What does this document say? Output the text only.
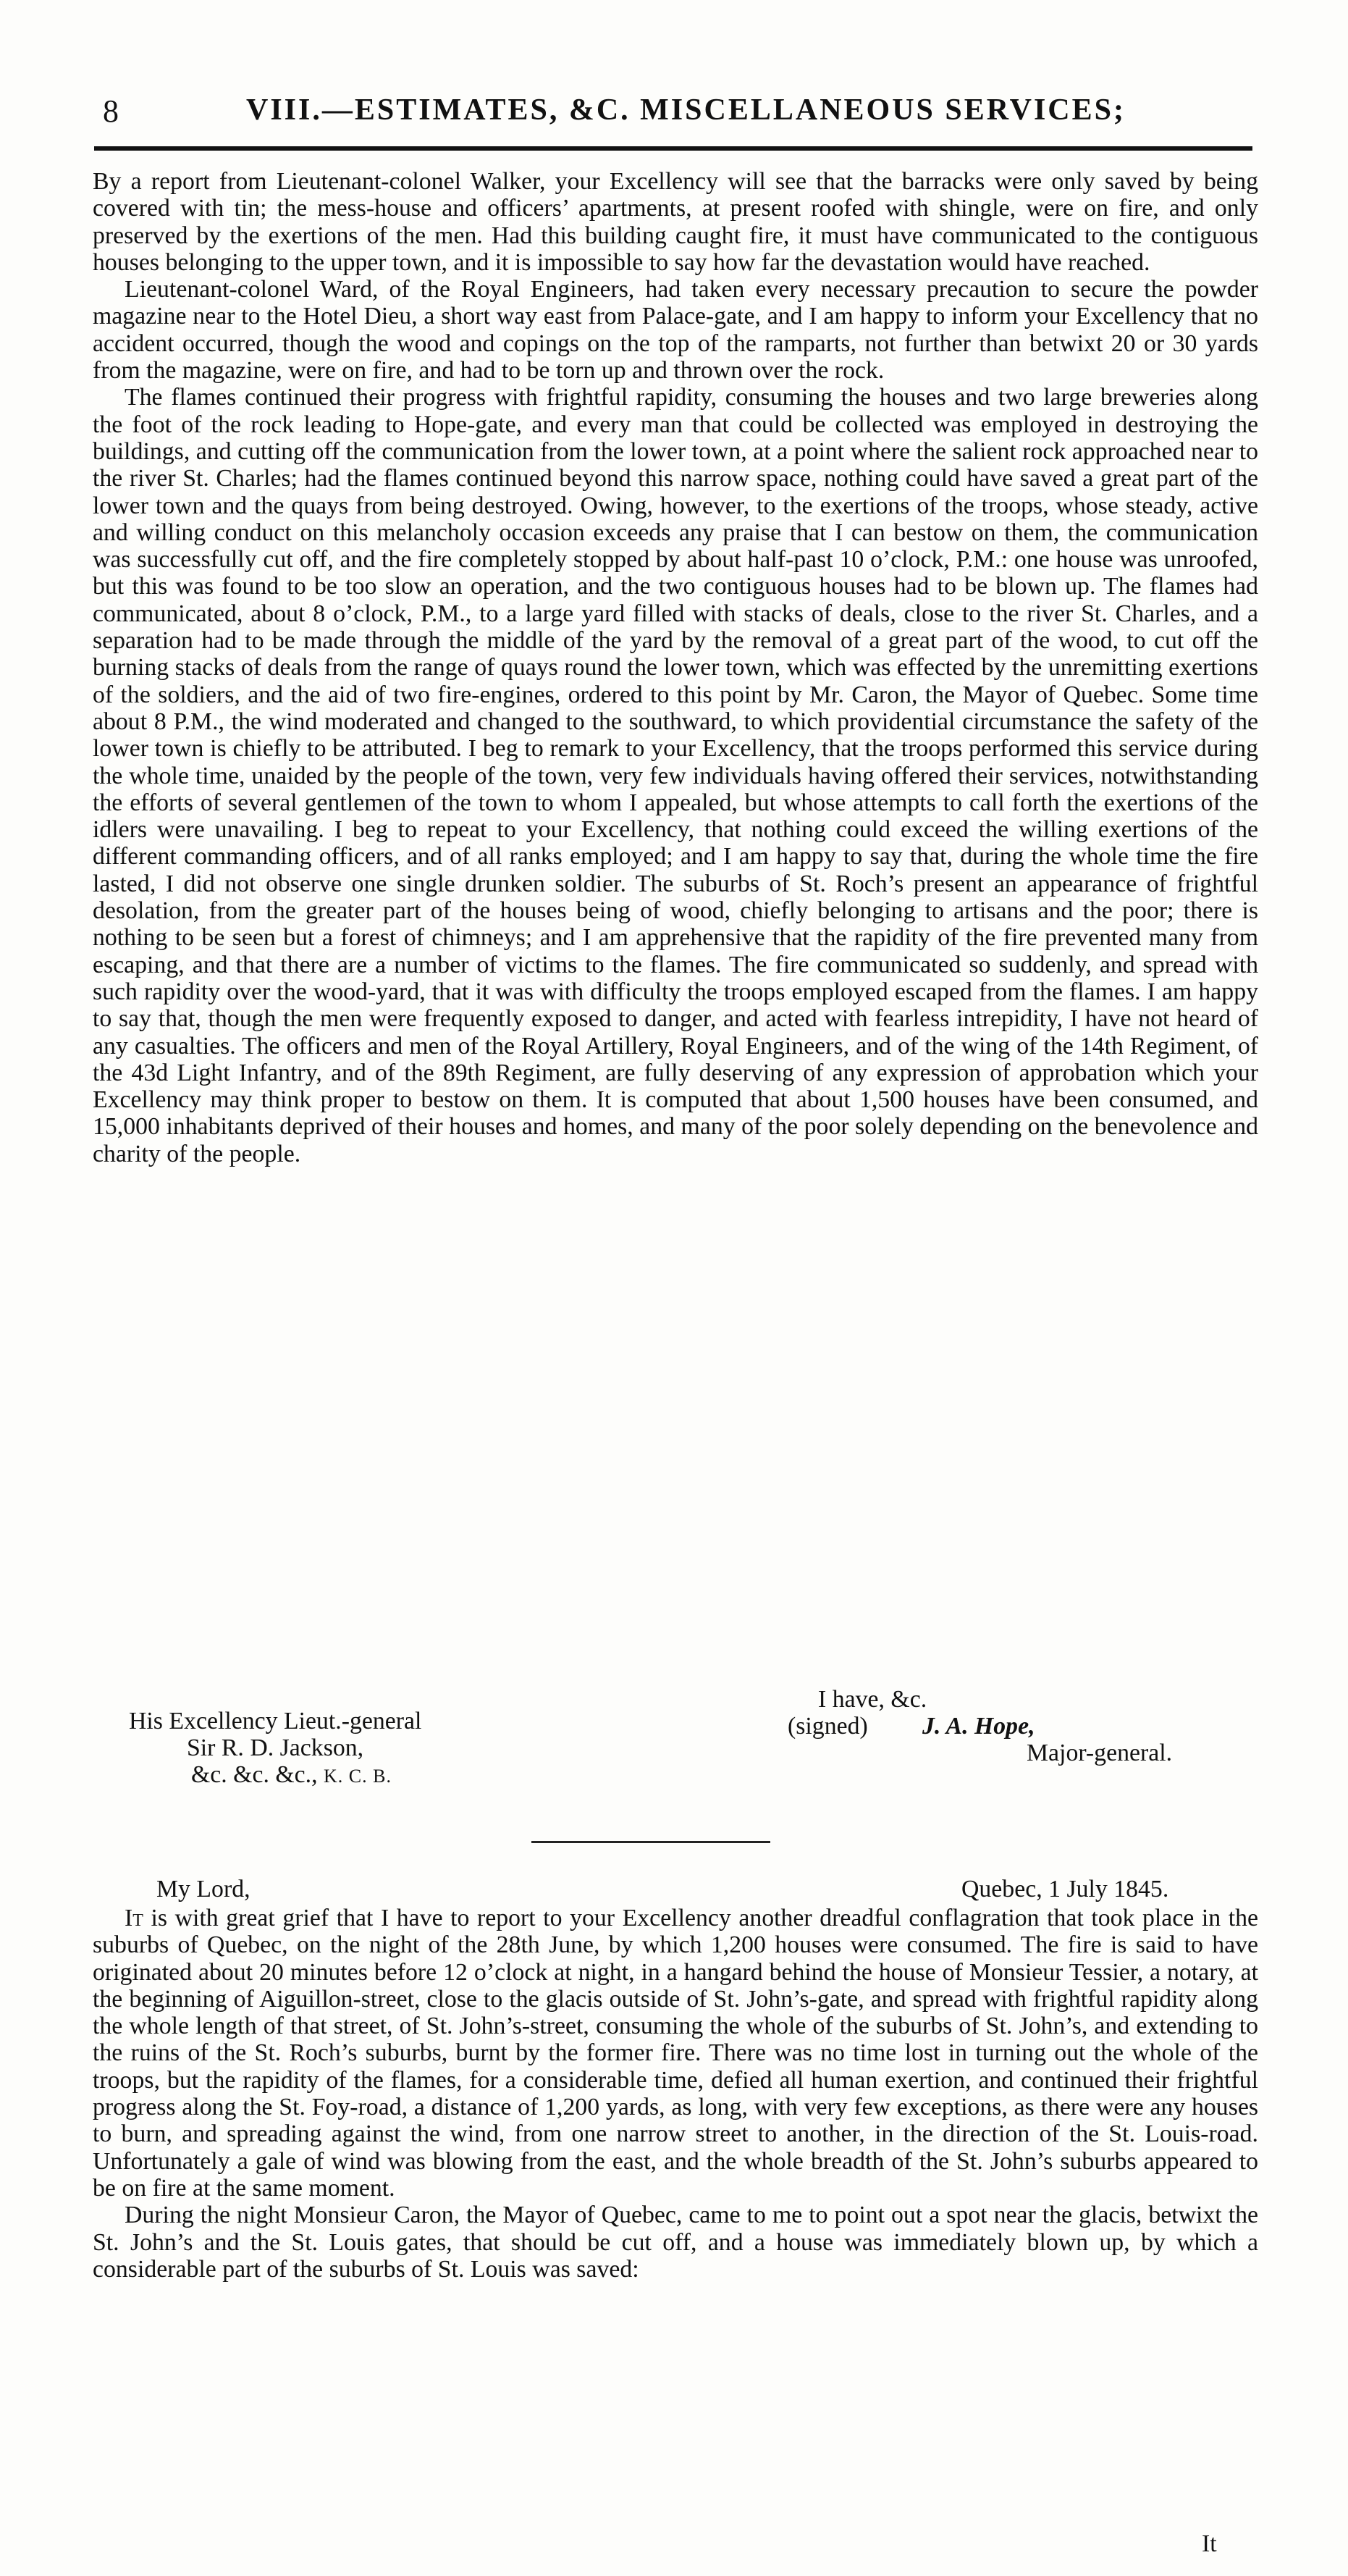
8	VIII.—ESTIMATES, &C. MISCELLANEOUS SERVICES;

By a report from Lieutenant-colonel Walker, your Excellency will see that the barracks were only saved by being covered with tin; the mess-house and officers’ apartments, at present roofed with shingle, were on fire, and only preserved by the exertions of the men. Had this building caught fire, it must have communicated to the contiguous houses belonging to the upper town, and it is impossible to say how far the devastation would have reached.

Lieutenant-colonel Ward, of the Royal Engineers, had taken every necessary precaution to secure the powder magazine near to the Hotel Dieu, a short way east from Palace-gate, and I am happy to inform your Excellency that no accident occurred, though the wood and copings on the top of the ramparts, not further than betwixt 20 or 30 yards from the magazine, were on fire, and had to be torn up and thrown over the rock.

The flames continued their progress with frightful rapidity, consuming the houses and two large breweries along the foot of the rock leading to Hope-gate, and every man that could be collected was employed in destroying the buildings, and cutting off the communication from the lower town, at a point where the salient rock approached near to the river St. Charles; had the flames continued beyond this narrow space, nothing could have saved a great part of the lower town and the quays from being destroyed. Owing, however, to the exertions of the troops, whose steady, active and willing conduct on this melancholy occasion exceeds any praise that I can bestow on them, the communication was successfully cut off, and the fire completely stopped by about half-past 10 o’clock, P.M.: one house was unroofed, but this was found to be too slow an operation, and the two contiguous houses had to be blown up. The flames had communicated, about 8 o’clock, P.M., to a large yard filled with stacks of deals, close to the river St. Charles, and a separation had to be made through the middle of the yard by the removal of a great part of the wood, to cut off the burning stacks of deals from the range of quays round the lower town, which was effected by the unremitting exertions of the soldiers, and the aid of two fire-engines, ordered to this point by Mr. Caron, the Mayor of Quebec. Some time about 8 P.M., the wind moderated and changed to the southward, to which providential circumstance the safety of the lower town is chiefly to be attributed. I beg to remark to your Excellency, that the troops performed this service during the whole time, unaided by the people of the town, very few individuals having offered their services, notwithstanding the efforts of several gentlemen of the town to whom I appealed, but whose attempts to call forth the exertions of the idlers were unavailing. I beg to repeat to your Excellency, that nothing could exceed the willing exertions of the different commanding officers, and of all ranks employed; and I am happy to say that, during the whole time the fire lasted, I did not observe one single drunken soldier. The suburbs of St. Roch’s present an appearance of frightful desolation, from the greater part of the houses being of wood, chiefly belonging to artisans and the poor; there is nothing to be seen but a forest of chimneys; and I am apprehensive that the rapidity of the fire prevented many from escaping, and that there are a number of victims to the flames. The fire communicated so suddenly, and spread with such rapidity over the wood-yard, that it was with difficulty the troops employed escaped from the flames. I am happy to say that, though the men were frequently exposed to danger, and acted with fearless intrepidity, I have not heard of any casualties. The officers and men of the Royal Artillery, Royal Engineers, and of the wing of the 14th Regiment, of the 43d Light Infantry, and of the 89th Regiment, are fully deserving of any expression of approbation which your Excellency may think proper to bestow on them. It is computed that about 1,500 houses have been consumed, and 15,000 inhabitants deprived of their houses and homes, and many of the poor solely depending on the benevolence and charity of the people.

His Excellency Lieut.-general
Sir R. D. Jackson,
&c. &c. &c., K. C. B.
I have, &c.
(signed) J. A. Hope,
Major-general.
My Lord,	Quebec, 1 July 1845.

It is with great grief that I have to report to your Excellency another dreadful conflagration that took place in the suburbs of Quebec, on the night of the 28th June, by which 1,200 houses were consumed. The fire is said to have originated about 20 minutes before 12 o’clock at night, in a hangard behind the house of Monsieur Tessier, a notary, at the beginning of Aiguillon-street, close to the glacis outside of St. John’s-gate, and spread with frightful rapidity along the whole length of that street, of St. John’s-street, consuming the whole of the suburbs of St. John’s, and extending to the ruins of the St. Roch’s suburbs, burnt by the former fire. There was no time lost in turning out the whole of the troops, but the rapidity of the flames, for a considerable time, defied all human exertion, and continued their frightful progress along the St. Foy-road, a distance of 1,200 yards, as long, with very few exceptions, as there were any houses to burn, and spreading against the wind, from one narrow street to another, in the direction of the St. Louis-road. Unfortunately a gale of wind was blowing from the east, and the whole breadth of the St. John’s suburbs appeared to be on fire at the same moment.

During the night Monsieur Caron, the Mayor of Quebec, came to me to point out a spot near the glacis, betwixt the St. John’s and the St. Louis gates, that should be cut off, and a house was immediately blown up, by which a considerable part of the suburbs of St. Louis was saved:

It
